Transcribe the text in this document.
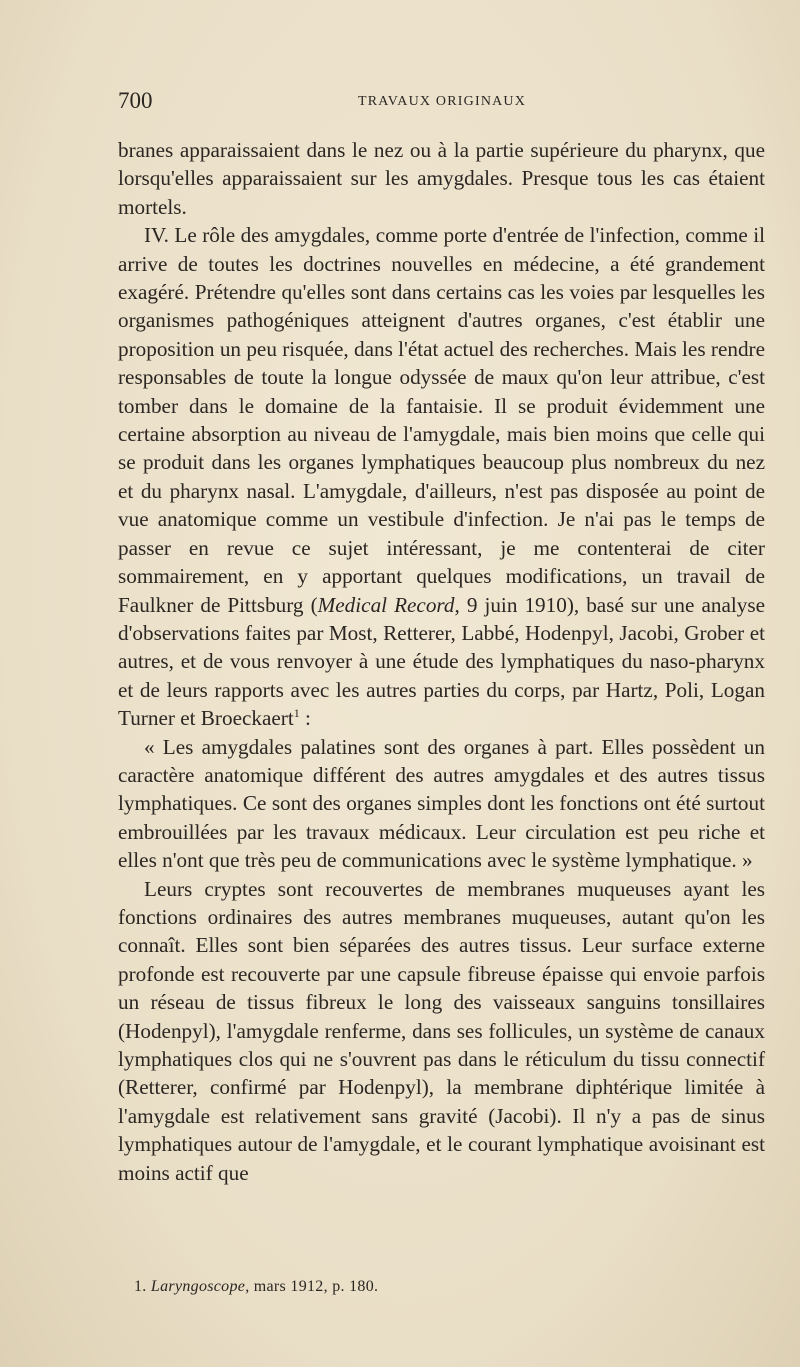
700	TRAVAUX ORIGINAUX

branes apparaissaient dans le nez ou à la partie supérieure du pharynx, que lorsqu'elles apparaissaient sur les amygdales. Presque tous les cas étaient mortels.

IV. Le rôle des amygdales, comme porte d'entrée de l'infection, comme il arrive de toutes les doctrines nouvelles en médecine, a été grandement exagéré. Prétendre qu'elles sont dans certains cas les voies par lesquelles les organismes pathogéniques atteignent d'autres organes, c'est établir une proposition un peu risquée, dans l'état actuel des recherches. Mais les rendre responsables de toute la longue odyssée de maux qu'on leur attribue, c'est tomber dans le domaine de la fantaisie. Il se produit évidemment une certaine absorption au niveau de l'amygdale, mais bien moins que celle qui se produit dans les organes lymphatiques beaucoup plus nombreux du nez et du pharynx nasal. L'amygdale, d'ailleurs, n'est pas disposée au point de vue anatomique comme un vestibule d'infection. Je n'ai pas le temps de passer en revue ce sujet intéressant, je me contenterai de citer sommairement, en y apportant quelques modifications, un travail de Faulkner de Pittsburg (Medical Record, 9 juin 1910), basé sur une analyse d'observations faites par Most, Retterer, Labbé, Hodenpyl, Jacobi, Grober et autres, et de vous renvoyer à une étude des lymphatiques du naso-pharynx et de leurs rapports avec les autres parties du corps, par Hartz, Poli, Logan Turner et Broeckaert$^1$ :

« Les amygdales palatines sont des organes à part. Elles possèdent un caractère anatomique différent des autres amygdales et des autres tissus lymphatiques. Ce sont des organes simples dont les fonctions ont été surtout embrouillées par les travaux médicaux. Leur circulation est peu riche et elles n'ont que très peu de communications avec le système lymphatique. »

Leurs cryptes sont recouvertes de membranes muqueuses ayant les fonctions ordinaires des autres membranes muqueuses, autant qu'on les connaît. Elles sont bien séparées des autres tissus. Leur surface externe profonde est recouverte par une capsule fibreuse épaisse qui envoie parfois un réseau de tissus fibreux le long des vaisseaux sanguins tonsillaires (Hodenpyl), l'amygdale renferme, dans ses follicules, un système de canaux lymphatiques clos qui ne s'ouvrent pas dans le réticulum du tissu connectif (Retterer, confirmé par Hodenpyl), la membrane diphtérique limitée à l'amygdale est relativement sans gravité (Jacobi). Il n'y a pas de sinus lymphatiques autour de l'amygdale, et le courant lymphatique avoisinant est moins actif que

1. Laryngoscope, mars 1912, p. 180.
